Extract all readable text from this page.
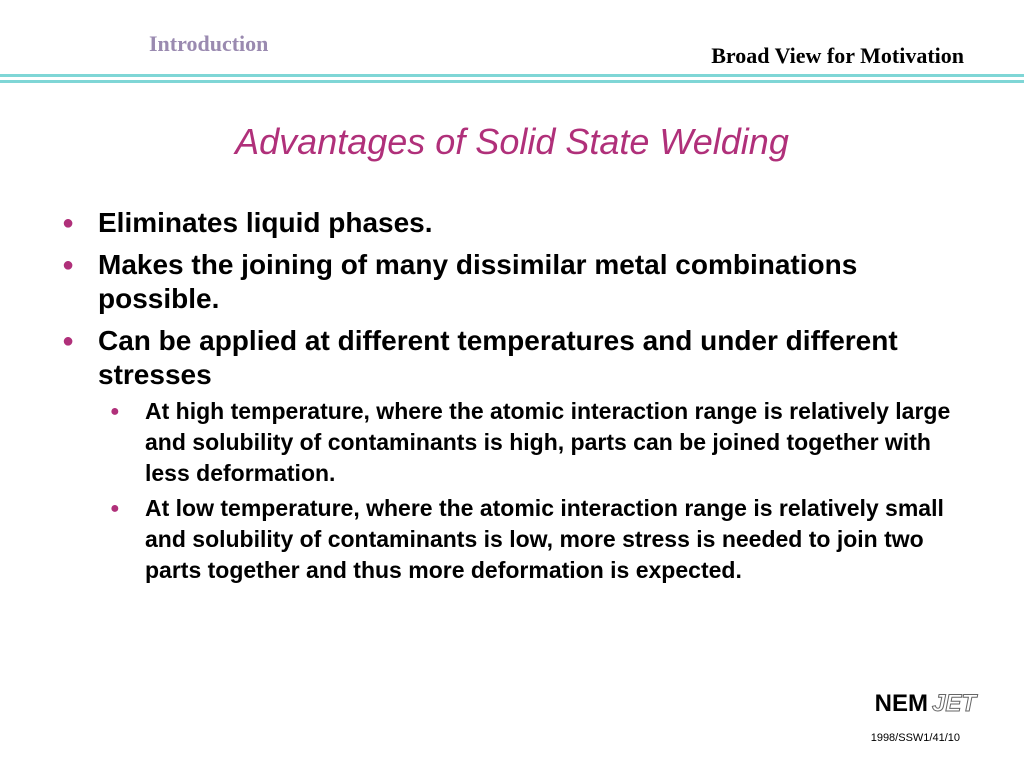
Introduction	Broad View for Motivation
Advantages of Solid State Welding
● Eliminates liquid phases.
● Makes the joining of many dissimilar metal combinations possible.
● Can be applied at different temperatures and under different stresses
● At high temperature, where the atomic interaction range is relatively large and solubility of contaminants is high, parts can be joined together with less deformation.
● At low temperature, where the atomic interaction range is relatively small and solubility of contaminants is low, more stress is needed to join two parts together and thus more deformation is expected.
NEM JET
1998/SSW1/41/10
